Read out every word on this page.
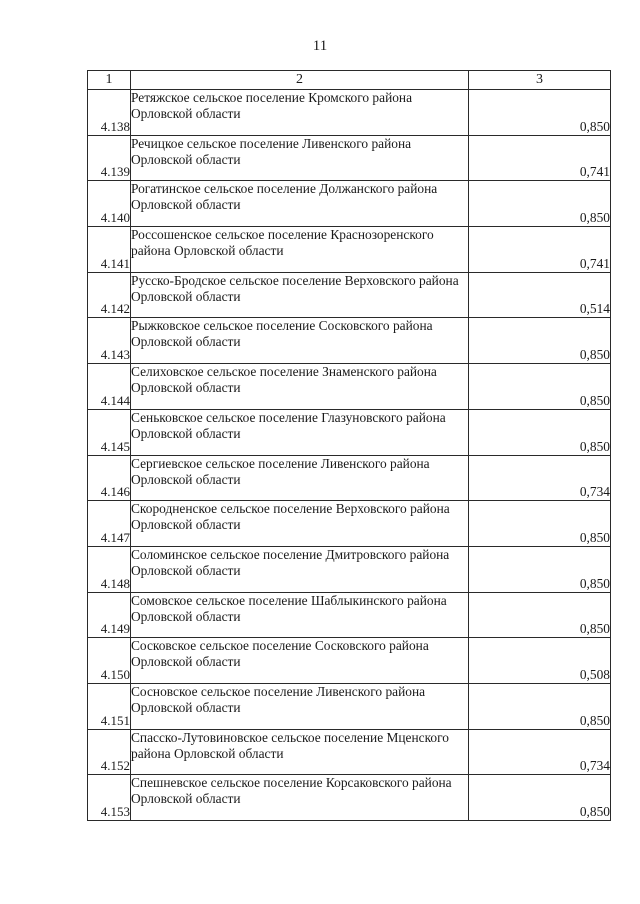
11
1	2	3
4.138	Ретяжское сельское поселение Кромского района Орловской области	0,850
4.139	Речицкое сельское поселение Ливенского района Орловской области	0,741
4.140	Рогатинское сельское поселение Должанского района Орловской области	0,850
4.141	Россошенское сельское поселение Краснозоренского района Орловской области	0,741
4.142	Русско-Бродское сельское поселение Верховского района Орловской области	0,514
4.143	Рыжковское сельское поселение Сосковского района Орловской области	0,850
4.144	Селиховское сельское поселение Знаменского района Орловской области	0,850
4.145	Сеньковское сельское поселение Глазуновского района Орловской области	0,850
4.146	Сергиевское сельское поселение Ливенского района Орловской области	0,734
4.147	Скородненское сельское поселение Верховского района Орловской области	0,850
4.148	Соломинское сельское поселение Дмитровского района Орловской области	0,850
4.149	Сомовское сельское поселение Шаблыкинского района Орловской области	0,850
4.150	Сосковское сельское поселение Сосковского района Орловской области	0,508
4.151	Сосновское сельское поселение Ливенского района Орловской области	0,850
4.152	Спасско-Лутовиновское сельское поселение Мценского района Орловской области	0,734
4.153	Спешневское сельское поселение Корсаковского района Орловской области	0,850
